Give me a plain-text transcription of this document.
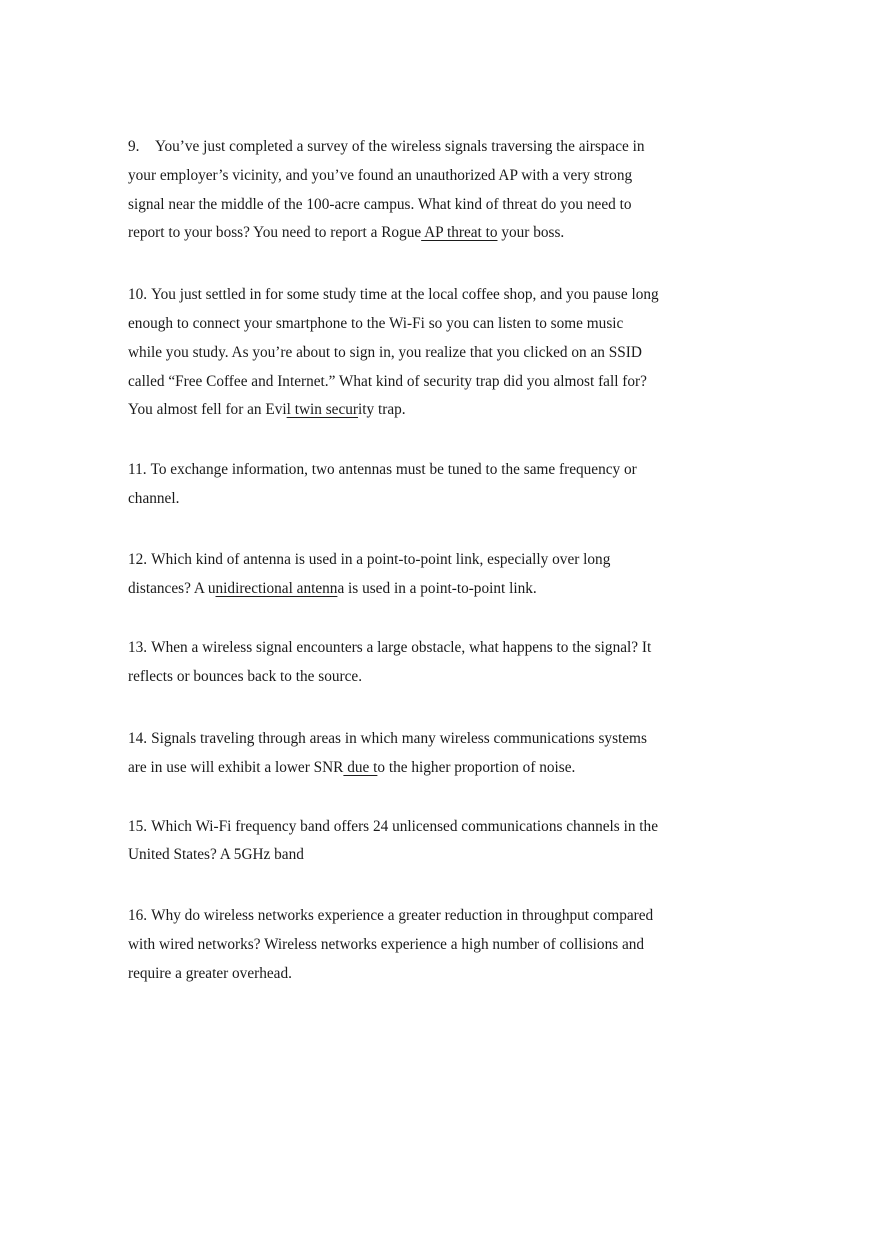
9. You’ve just completed a survey of the wireless signals traversing the airspace in
your employer’s vicinity, and you’ve found an unauthorized AP with a very strong
signal near the middle of the 100-acre campus. What kind of threat do you need to
report to your boss? You need to report a Rogue AP threat to your boss.

10. You just settled in for some study time at the local coffee shop, and you pause long
enough to connect your smartphone to the Wi-Fi so you can listen to some music
while you study. As you’re about to sign in, you realize that you clicked on an SSID
called “Free Coffee and Internet.” What kind of security trap did you almost fall for?
You almost fell for an Evil twin security trap.

11. To exchange information, two antennas must be tuned to the same frequency or
channel.

12. Which kind of antenna is used in a point-to-point link, especially over long
distances? A unidirectional antenna is used in a point-to-point link.

13. When a wireless signal encounters a large obstacle, what happens to the signal? It
reflects or bounces back to the source.

14. Signals traveling through areas in which many wireless communications systems
are in use will exhibit a lower SNR due to the higher proportion of noise.

15. Which Wi-Fi frequency band offers 24 unlicensed communications channels in the
United States? A 5GHz band

16. Why do wireless networks experience a greater reduction in throughput compared
with wired networks? Wireless networks experience a high number of collisions and
require a greater overhead.
